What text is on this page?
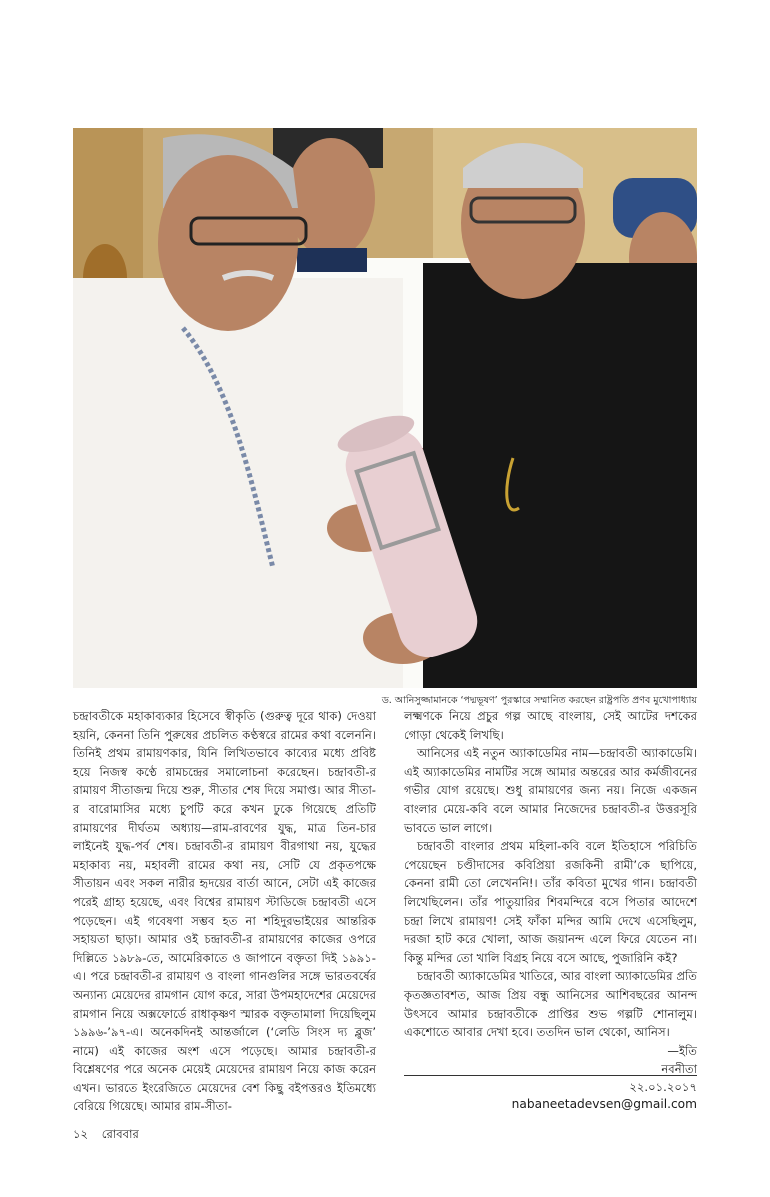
ড. আনিসুজ্জামানকে ‘পদ্মভূষণ’ পুরস্কারে সম্মানিত করছেন রাষ্ট্রপতি প্রণব মুখোপাধ্যায়

চন্দ্রাবতীকে মহাকাব্যকার হিসেবে স্বীকৃতি (গুরুত্ব দূরে থাক) দেওয়া হয়নি, কেননা তিনি পুরুষের প্রচলিত কণ্ঠস্বরে রামের কথা বলেননি। তিনিই প্রথম রামায়ণকার, যিনি লিখিতভাবে কাব্যের মধ্যে প্রবিষ্ট হয়ে নিজস্ব কণ্ঠে রামচন্দ্রের সমালোচনা করেছেন। চন্দ্রাবতী-র রামায়ণ সীতাজন্ম দিয়ে শুরু, সীতার শেষ দিয়ে সমাপ্ত। আর সীতা-র বারোমাসির মধ্যে চুপটি করে কখন ঢুকে গিয়েছে প্রতিটি রামায়ণের দীর্ঘতম অধ্যায়—রাম-রাবণের যুদ্ধ, মাত্র তিন-চার লাইনেই যুদ্ধ-পর্ব শেষ। চন্দ্রাবতী-র রামায়ণ বীরগাথা নয়, যুদ্ধের মহাকাব্য নয়, মহাবলী রামের কথা নয়, সেটি যে প্রকৃতপক্ষে সীতায়ন এবং সকল নারীর হৃদয়ের বার্তা আনে, সেটা এই কাজের পরেই গ্রাহ্য হয়েছে, এবং বিশ্বের রামায়ণ স্টাডিজে চন্দ্রাবতী এসে পড়েছেন। এই গবেষণা সম্ভব হত না শহিদুরভাইয়ের আন্তরিক সহায়তা ছাড়া। আমার ওই চন্দ্রাবতী-র রামায়ণের কাজের ওপরে দিল্লিতে ১৯৮৯-তে, আমেরিকাতে ও জাপানে বক্তৃতা দিই ১৯৯১-এ। পরে চন্দ্রাবতী-র রামায়ণ ও বাংলা গানগুলির সঙ্গে ভারতবর্ষের অন্যান্য মেয়েদের রামগান যোগ করে, সারা উপমহাদেশের মেয়েদের রামগান নিয়ে অক্সফোর্ডে রাধাকৃষ্ণণ স্মারক বক্তৃতামালা দিয়েছিলুম ১৯৯৬-’৯৭-এ। অনেকদিনই আন্তর্জালে (‘লেডি সিংস দ্য ব্লুজ’ নামে) এই কাজের অংশ এসে পড়েছে। আমার চন্দ্রাবতী-র বিশ্লেষণের পরে অনেক মেয়েই মেয়েদের রামায়ণ নিয়ে কাজ করেন এখন। ভারতে ইংরেজিতে মেয়েদের বেশ কিছু বইপত্তরও ইতিমধ্যে বেরিয়ে গিয়েছে। আমার রাম-সীতা-

লক্ষ্মণকে নিয়ে প্রচুর গল্প আছে বাংলায়, সেই আটের দশকের গোড়া থেকেই লিখছি।

আনিসের এই নতুন অ্যাকাডেমির নাম—চন্দ্রাবতী অ্যাকাডেমি। এই অ্যাকাডেমির নামটির সঙ্গে আমার অন্তরের আর কর্মজীবনের গভীর যোগ রয়েছে। শুধু রামায়ণের জন্য নয়। নিজে একজন বাংলার মেয়ে-কবি বলে আমার নিজেদের চন্দ্রাবতী-র উত্তরসূরি ভাবতে ভাল লাগে।

চন্দ্রাবতী বাংলার প্রথম মহিলা-কবি বলে ইতিহাসে পরিচিতি পেয়েছেন চণ্ডীদাসের কবিপ্রিয়া রজকিনী রামী’কে ছাপিয়ে, কেননা রামী তো লেখেননি!। তাঁর কবিতা মুখের গান। চন্দ্রাবতী লিখেছিলেন। তাঁর পাতুয়ারির শিবমন্দিরে বসে পিতার আদেশে চন্দ্রা লিখে রামায়ণ! সেই ফাঁকা মন্দির আমি দেখে এসেছিলুম, দরজা হাট করে খোলা, আজ জয়ানন্দ এলে ফিরে যেতেন না। কিন্তু মন্দির তো খালি বিগ্রহ নিয়ে বসে আছে, পুজারিনি কই?

চন্দ্রাবতী অ্যাকাডেমির খাতিরে, আর বাংলা অ্যাকাডেমির প্রতি কৃতজ্ঞতাবশত, আজ প্রিয় বন্ধু আনিসের আশিবছরের আনন্দ উৎসবে আমার চন্দ্রাবতীকে প্রাপ্তির শুভ গল্পটি শোনালুম। একশোতে আবার দেখা হবে। ততদিন ভাল থেকো, আনিস।

—ইতি
নবনীতা
২২.০১.২০১৭
nabaneetadevsen@gmail.com
১২ রোববার
